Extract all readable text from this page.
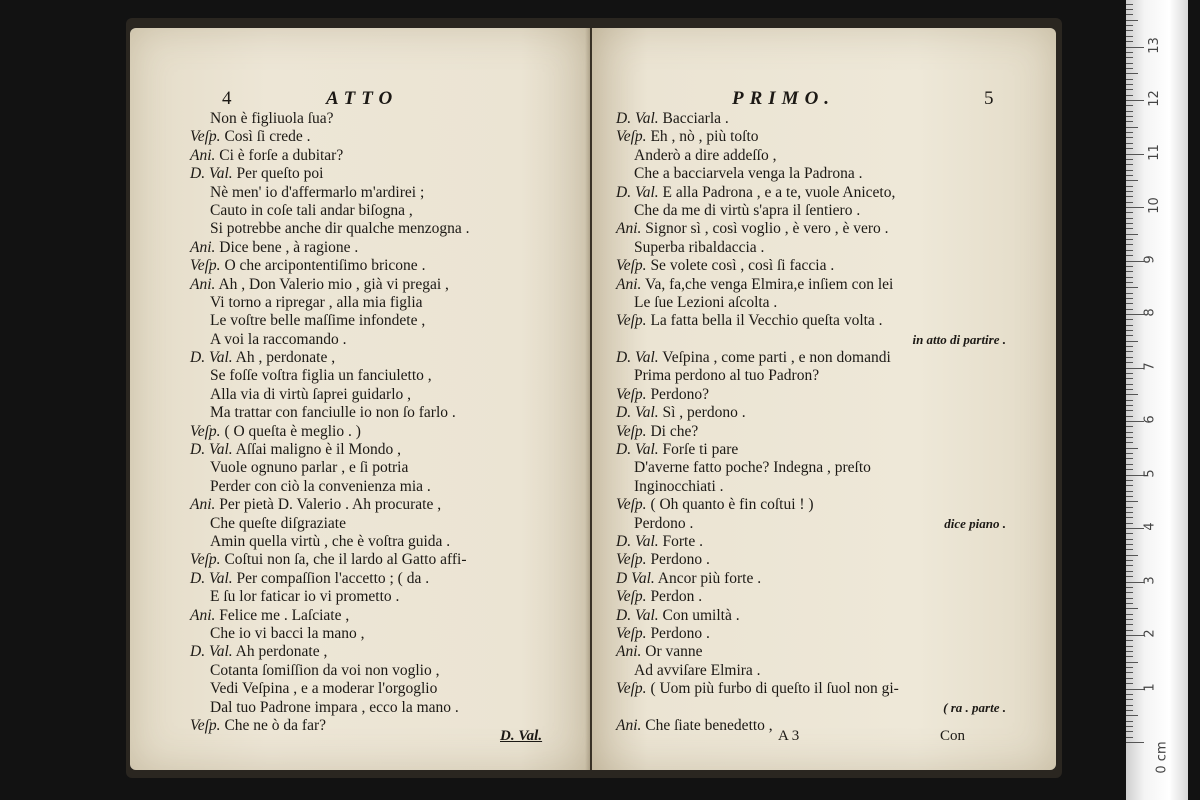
4	ATTO
Non è figliuola ſua?
Veſp. Così ſi crede .
Ani. Ci è forſe a dubitar?
D. Val. Per queſto poi
Nè men' io d'affermarlo m'ardirei ;
Cauto in coſe tali andar biſogna ,
Si potrebbe anche dir qualche menzogna .
Ani. Dice bene , à ragione .
Veſp. O che arcipontentiſimo bricone .
Ani. Ah , Don Valerio mio , già vi pregai ,
Vi torno a ripregar , alla mia figlia
Le voſtre belle maſſime infondete ,
A voi la raccomando .
D. Val. Ah , perdonate ,
Se foſſe voſtra figlia un fanciuletto ,
Alla via di virtù ſaprei guidarlo ,
Ma trattar con fanciulle io non ſo farlo .
Veſp. ( O queſta è meglio . )
D. Val. Aſſai maligno è il Mondo ,
Vuole ognuno parlar , e ſi potria
Perder con ciò la convenienza mia .
Ani. Per pietà D. Valerio . Ah procurate ,
Che queſte diſgraziate
Amin quella virtù , che è voſtra guida .
Veſp. Coſtui non ſa, che il lardo al Gatto affi-
D. Val. Per compaſſion l'accetto ; ( da .
E ſu lor faticar io vi prometto .
Ani. Felice me . Laſciate ,
Che io vi bacci la mano ,
D. Val. Ah perdonate ,
Cotanta ſomiſſion da voi non voglio ,
Vedi Veſpina , e a moderar l'orgoglio
Dal tuo Padrone impara , ecco la mano .
Veſp. Che ne ò da far?
D. Val.
PRIMO.	5
D. Val. Bacciarla .
Veſp. Eh , nò , più toſto
Anderò a dire addeſſo ,
Che a bacciarvela venga la Padrona .
D. Val. E alla Padrona , e a te, vuole Aniceto,
Che da me di virtù s'apra il ſentiero .
Ani. Signor sì , così voglio , è vero , è vero .
Superba ribaldaccia .
Veſp. Se volete così , così ſi faccia .
Ani. Va, fa,che venga Elmira,e inſiem con lei
Le ſue Lezioni aſcolta .
Veſp. La fatta bella il Vecchio queſta volta .
in atto di partire .
D. Val. Veſpina , come parti , e non domandi
Prima perdono al tuo Padron?
Veſp. Perdono?
D. Val. Sì , perdono .
Veſp. Di che?
D. Val. Forſe ti pare
D'averne fatto poche? Indegna , preſto
Inginocchiati .
Veſp. ( Oh quanto è fin coſtui ! )
Perdono .	dice piano .
D. Val. Forte .
Veſp. Perdono .
D Val. Ancor più forte .
Veſp. Perdon .
D. Val. Con umiltà .
Veſp. Perdono .
Ani. Or vanne
Ad avviſare Elmira .
Veſp. ( Uom più furbo di queſto il ſuol non gi-
( ra . parte .
Ani. Che ſiate benedetto ,
A 3	Con
0 cm
1
2
3
4
5
6
7
8
9
10
11
12
13
